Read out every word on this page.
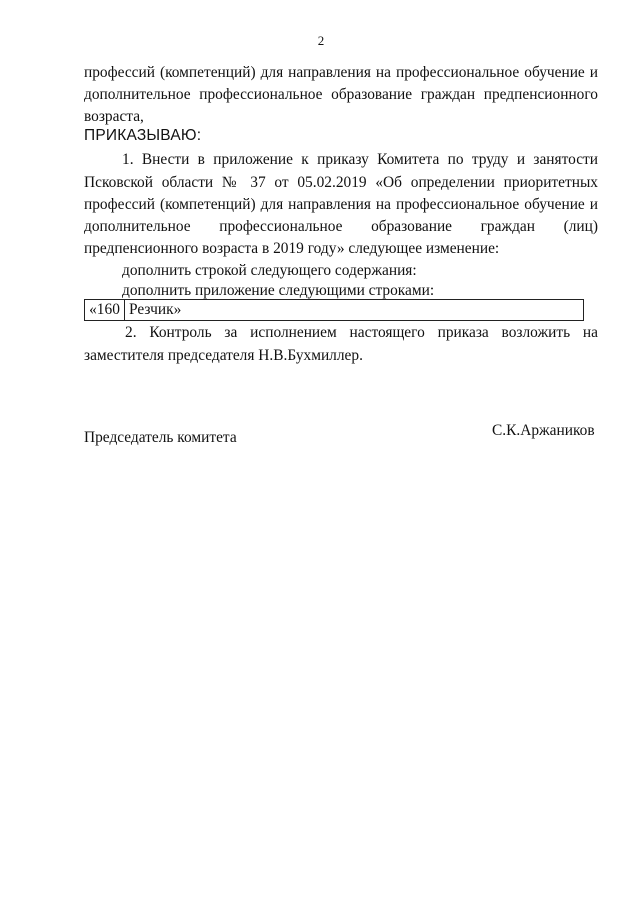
2
профессий (компетенций) для направления на профессиональное обучение и
дополнительное профессиональное образование граждан предпенсионного
возраста,
ПРИКАЗЫВАЮ:
1. Внести в приложение к приказу Комитета по труду и занятости
Псковской области № 37 от 05.02.2019 «Об определении приоритетных
профессий (компетенций) для направления на профессиональное обучение и
дополнительное профессиональное образование граждан (лиц)
предпенсионного возраста в 2019 году» следующее изменение:
дополнить строкой следующего содержания:
дополнить приложение следующими строками:
«160 Резчик»
2. Контроль за исполнением настоящего приказа возложить на
заместителя председателя Н.В.Бухмиллер.
Председатель комитета	С.К.Аржаников
